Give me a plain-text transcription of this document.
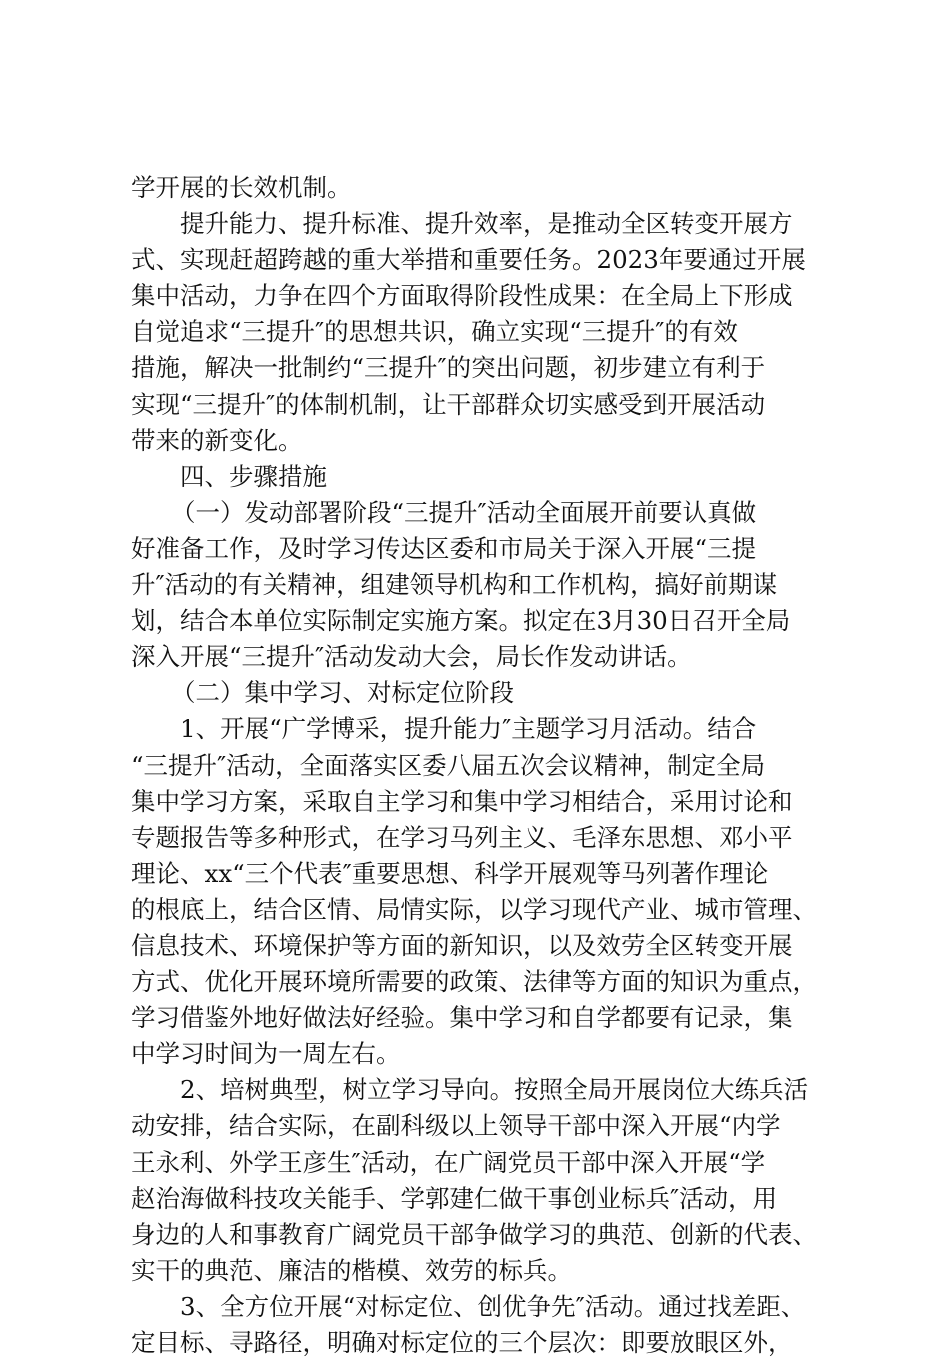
学开展的长效机制。
提升能力、提升标准、提升效率，是推动全区转变开展方
式、实现赶超跨越的重大举措和重要任务。2023年要通过开展
集中活动，力争在四个方面取得阶段性成果：在全局上下形成
自觉追求“三提升″的思想共识，确立实现“三提升″的有效
措施，解决一批制约“三提升″的突出问题，初步建立有利于
实现“三提升″的体制机制，让干部群众切实感受到开展活动
带来的新变化。
四、步骤措施
（一）发动部署阶段“三提升″活动全面展开前要认真做
好准备工作，及时学习传达区委和市局关于深入开展“三提
升″活动的有关精神，组建领导机构和工作机构，搞好前期谋
划，结合本单位实际制定实施方案。拟定在3月30日召开全局
深入开展“三提升″活动发动大会，局长作发动讲话。
（二）集中学习、对标定位阶段
1、开展“广学博采，提升能力″主题学习月活动。结合
“三提升″活动，全面落实区委八届五次会议精神，制定全局
集中学习方案，采取自主学习和集中学习相结合，采用讨论和
专题报告等多种形式，在学习马列主义、毛泽东思想、邓小平
理论、xx“三个代表″重要思想、科学开展观等马列著作理论
的根底上，结合区情、局情实际，以学习现代产业、城市管理、
信息技术、环境保护等方面的新知识，以及效劳全区转变开展
方式、优化开展环境所需要的政策、法律等方面的知识为重点，
学习借鉴外地好做法好经验。集中学习和自学都要有记录，集
中学习时间为一周左右。
2、培树典型，树立学习导向。按照全局开展岗位大练兵活
动安排，结合实际，在副科级以上领导干部中深入开展“内学
王永利、外学王彦生″活动，在广阔党员干部中深入开展“学
赵治海做科技攻关能手、学郭建仁做干事创业标兵″活动，用
身边的人和事教育广阔党员干部争做学习的典范、创新的代表、
实干的典范、廉洁的楷模、效劳的标兵。
3、全方位开展“对标定位、创优争先″活动。通过找差距、
定目标、寻路径，明确对标定位的三个层次：即要放眼区外，
